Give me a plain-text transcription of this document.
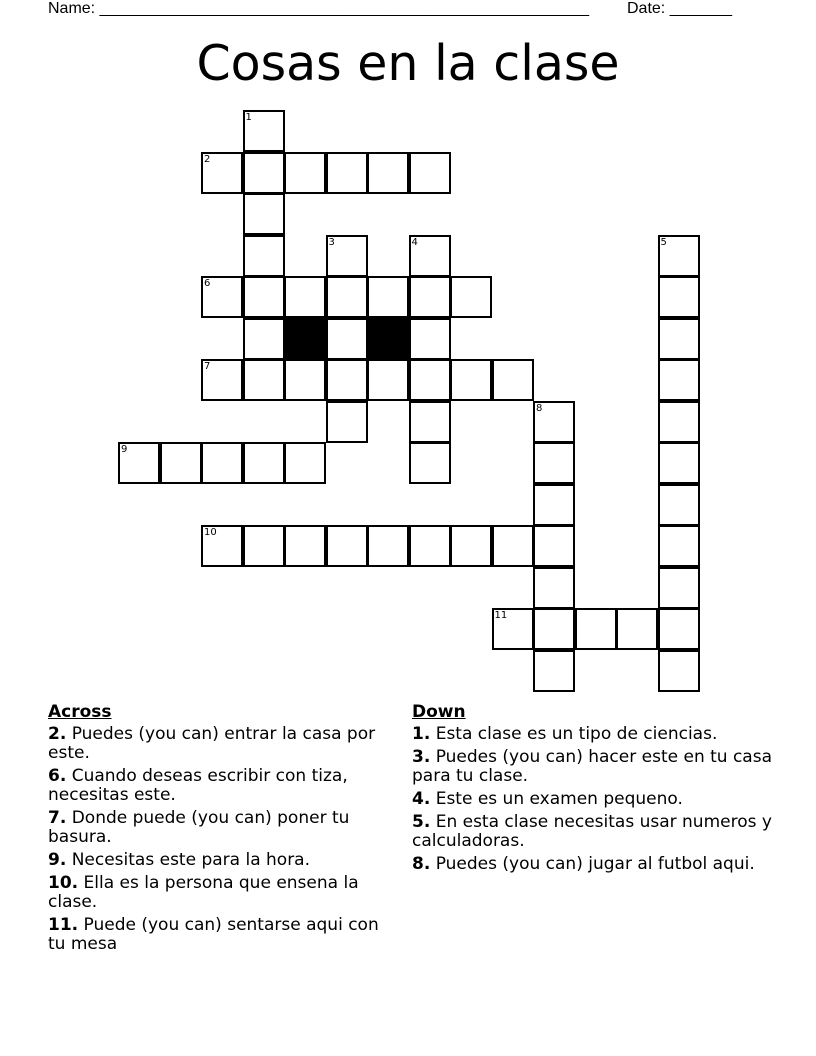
Name: _______________________________________________________ Date: _______
Cosas en la clase
1
2
3	4	5
6
7
8
9
10
11
Across
2. Puedes (you can) entrar la casa por este.
6. Cuando deseas escribir con tiza, necesitas este.
7. Donde puede (you can) poner tu basura.
9. Necesitas este para la hora.
10. Ella es la persona que ensena la clase.
11. Puede (you can) sentarse aqui con tu mesa
Down
1. Esta clase es un tipo de ciencias.
3. Puedes (you can) hacer este en tu casa para tu clase.
4. Este es un examen pequeno.
5. En esta clase necesitas usar numeros y calculadoras.
8. Puedes (you can) jugar al futbol aqui.
